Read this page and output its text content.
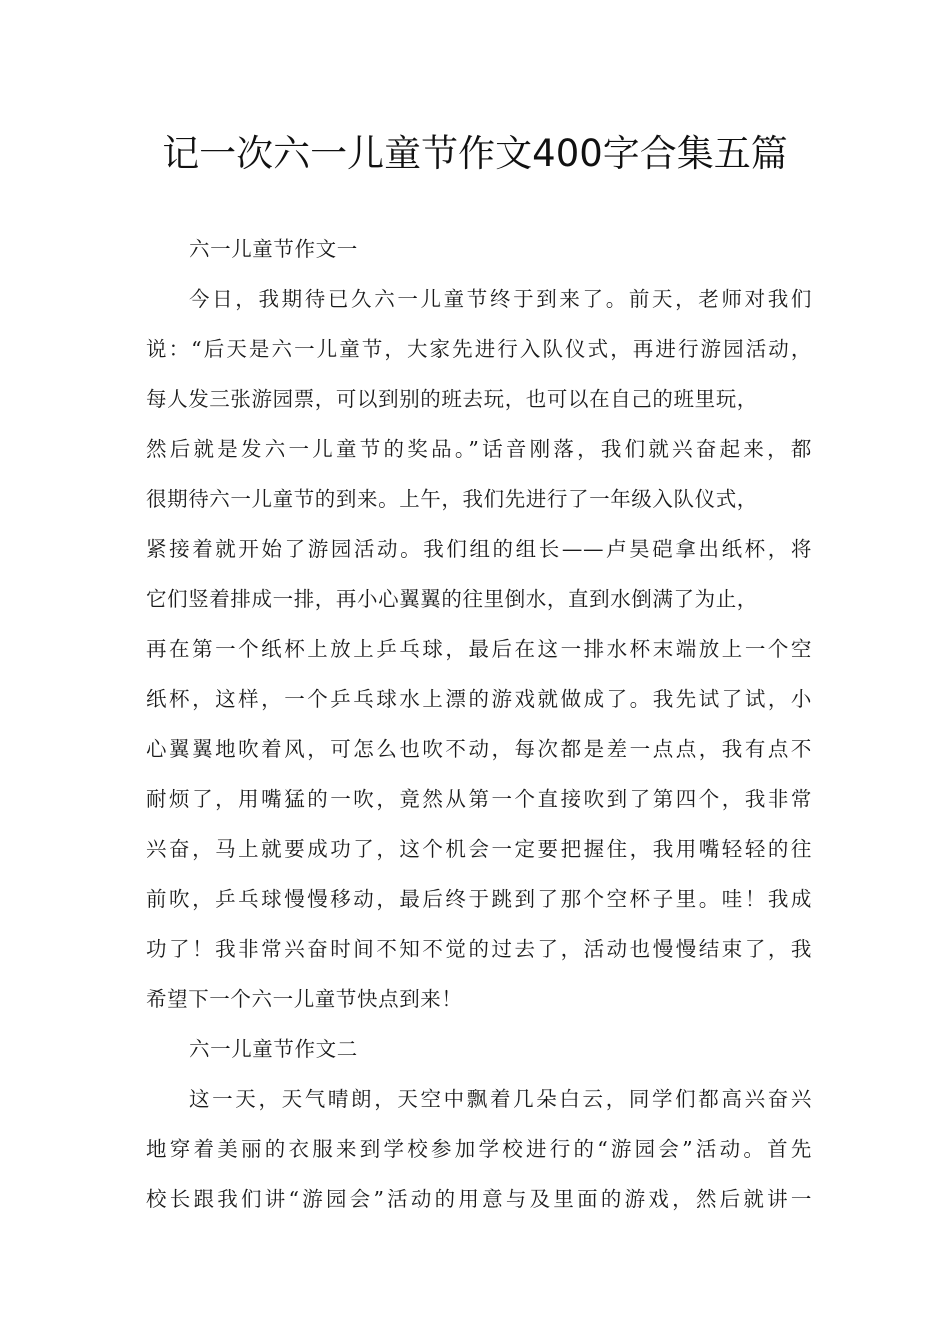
记一次六一儿童节作文400字合集五篇
六一儿童节作文一
今日，我期待已久六一儿童节终于到来了。前天，老师对我们
说：“后天是六一儿童节，大家先进行入队仪式，再进行游园活动，
每人发三张游园票，可以到别的班去玩，也可以在自己的班里玩，
然后就是发六一儿童节的奖品。”话音刚落，我们就兴奋起来，都
很期待六一儿童节的到来。上午，我们先进行了一年级入队仪式，
紧接着就开始了游园活动。我们组的组长——卢昊硙拿出纸杯，将
它们竖着排成一排，再小心翼翼的往里倒水，直到水倒满了为止，
再在第一个纸杯上放上乒乓球，最后在这一排水杯末端放上一个空
纸杯，这样，一个乒乓球水上漂的游戏就做成了。我先试了试，小
心翼翼地吹着风，可怎么也吹不动，每次都是差一点点，我有点不
耐烦了，用嘴猛的一吹，竟然从第一个直接吹到了第四个，我非常
兴奋，马上就要成功了，这个机会一定要把握住，我用嘴轻轻的往
前吹，乒乓球慢慢移动，最后终于跳到了那个空杯子里。哇！我成
功了！我非常兴奋时间不知不觉的过去了，活动也慢慢结束了，我
希望下一个六一儿童节快点到来！
六一儿童节作文二
这一天，天气晴朗，天空中飘着几朵白云，同学们都高兴奋兴
地穿着美丽的衣服来到学校参加学校进行的“游园会”活动。首先
校长跟我们讲“游园会”活动的用意与及里面的游戏，然后就讲一
